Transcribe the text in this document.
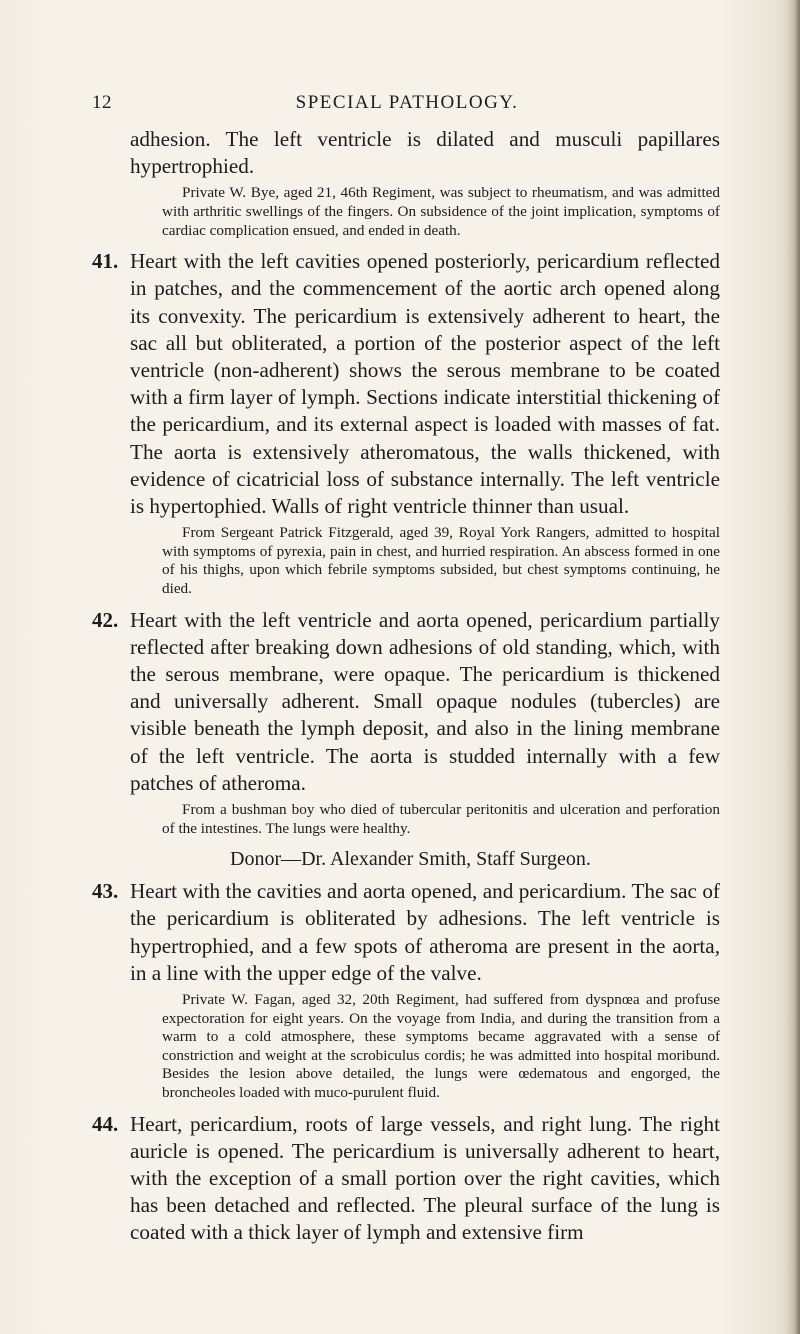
12	SPECIAL PATHOLOGY.

adhesion. The left ventricle is dilated and musculi papillares hypertrophied.

Private W. Bye, aged 21, 46th Regiment, was subject to rheumatism, and was admitted with arthritic swellings of the fingers. On subsidence of the joint implication, symptoms of cardiac complication ensued, and ended in death.

41. Heart with the left cavities opened posteriorly, pericardium reflected in patches, and the commencement of the aortic arch opened along its convexity. The pericardium is extensively adherent to heart, the sac all but obliterated, a portion of the posterior aspect of the left ventricle (non-adherent) shows the serous membrane to be coated with a firm layer of lymph. Sections indicate interstitial thickening of the pericardium, and its external aspect is loaded with masses of fat. The aorta is extensively atheromatous, the walls thickened, with evidence of cicatricial loss of substance internally. The left ventricle is hypertophied. Walls of right ventricle thinner than usual.

From Sergeant Patrick Fitzgerald, aged 39, Royal York Rangers, admitted to hospital with symptoms of pyrexia, pain in chest, and hurried respiration. An abscess formed in one of his thighs, upon which febrile symptoms subsided, but chest symptoms continuing, he died.

42. Heart with the left ventricle and aorta opened, pericardium partially reflected after breaking down adhesions of old standing, which, with the serous membrane, were opaque. The pericardium is thickened and universally adherent. Small opaque nodules (tubercles) are visible beneath the lymph deposit, and also in the lining membrane of the left ventricle. The aorta is studded internally with a few patches of atheroma.

From a bushman boy who died of tubercular peritonitis and ulceration and perforation of the intestines. The lungs were healthy.

Donor—Dr. Alexander Smith, Staff Surgeon.

43. Heart with the cavities and aorta opened, and pericardium. The sac of the pericardium is obliterated by adhesions. The left ventricle is hypertrophied, and a few spots of atheroma are present in the aorta, in a line with the upper edge of the valve.

Private W. Fagan, aged 32, 20th Regiment, had suffered from dyspnœa and profuse expectoration for eight years. On the voyage from India, and during the transition from a warm to a cold atmosphere, these symptoms became aggravated with a sense of constriction and weight at the scrobiculus cordis; he was admitted into hospital moribund. Besides the lesion above detailed, the lungs were œdematous and engorged, the broncheoles loaded with muco-purulent fluid.

44. Heart, pericardium, roots of large vessels, and right lung. The right auricle is opened. The pericardium is universally adherent to heart, with the exception of a small portion over the right cavities, which has been detached and reflected. The pleural surface of the lung is coated with a thick layer of lymph and extensive firm
